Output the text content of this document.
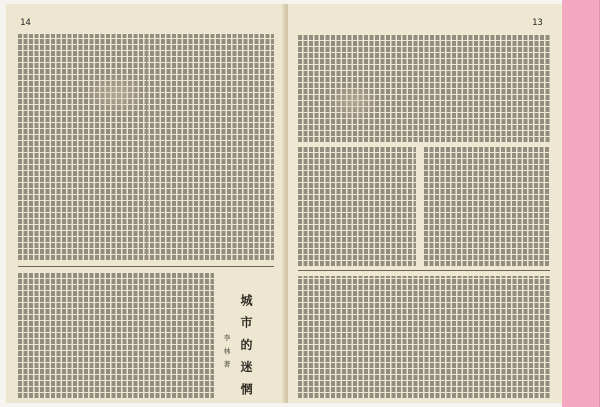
14
城 市 的 迷 惘
李 林 著
13
